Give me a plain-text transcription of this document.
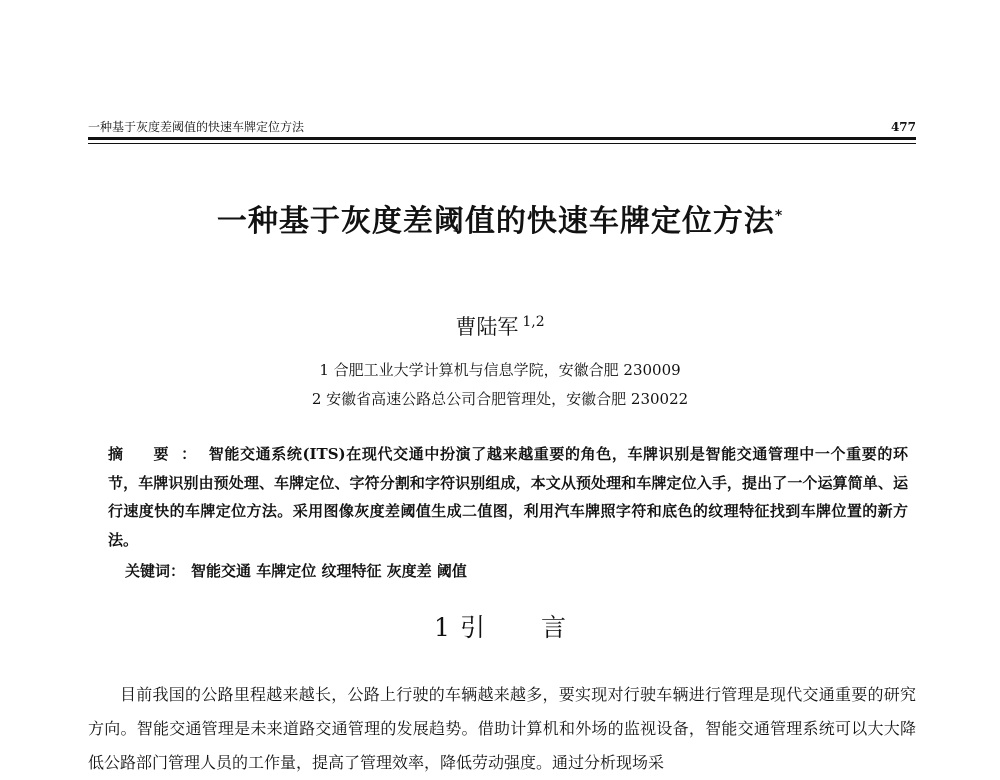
一种基于灰度差阈值的快速车牌定位方法	477
一种基于灰度差阈值的快速车牌定位方法*
曹陆军 $^{1,2}$
1 合肥工业大学计算机与信息学院，安徽合肥 230009
2 安徽省高速公路总公司合肥管理处，安徽合肥 230022
摘 要：智能交通系统(ITS)在现代交通中扮演了越来越重要的角色，车牌识别是智能交通管理中一个重要的环节，车牌识别由预处理、车牌定位、字符分割和字符识别组成，本文从预处理和车牌定位入手，提出了一个运算简单、运行速度快的车牌定位方法。采用图像灰度差阈值生成二值图，利用汽车牌照字符和底色的纹理特征找到车牌位置的新方法。
关键词： 智能交通 车牌定位 纹理特征 灰度差 阈值
1 引 言
目前我国的公路里程越来越长，公路上行驶的车辆越来越多，要实现对行驶车辆进行管理是现代交通重要的研究方向。智能交通管理是未来道路交通管理的发展趋势。借助计算机和外场的监视设备，智能交通管理系统可以大大降低公路部门管理人员的工作量，提高了管理效率，降低劳动强度。通过分析现场采
